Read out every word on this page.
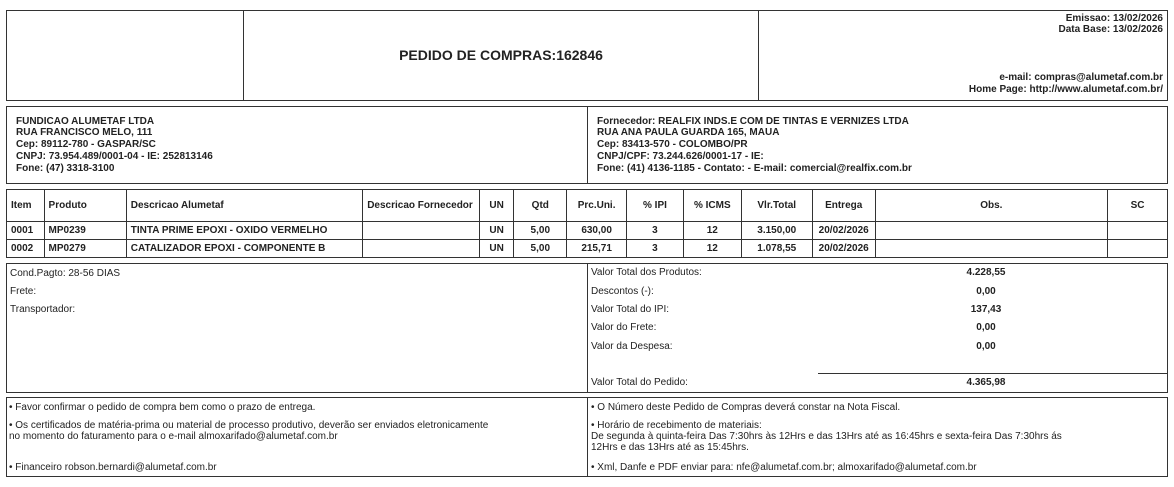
PEDIDO DE COMPRAS:162846
Emissao: 13/02/2026
Data Base: 13/02/2026
e-mail: compras@alumetaf.com.br
Home Page: http://www.alumetaf.com.br/
FUNDICAO ALUMETAF LTDA
RUA FRANCISCO MELO, 111
Cep: 89112-780 - GASPAR/SC
CNPJ: 73.954.489/0001-04 - IE: 252813146
Fone: (47) 3318-3100
Fornecedor: REALFIX INDS.E COM DE TINTAS E VERNIZES LTDA
RUA ANA PAULA GUARDA 165, MAUA
Cep: 83413-570 - COLOMBO/PR
CNPJ/CPF: 73.244.626/0001-17 - IE:
Fone: (41) 4136-1185 - Contato: - E-mail: comercial@realfix.com.br
Item	Produto	Descricao Alumetaf	Descricao Fornecedor	UN	Qtd	Prc.Uni.	% IPI	% ICMS	Vlr.Total	Entrega	Obs.	SC
0001	MP0239	TINTA PRIME EPOXI - OXIDO VERMELHO		UN	5,00	630,00	3	12	3.150,00	20/02/2026		
0002	MP0279	CATALIZADOR EPOXI - COMPONENTE B		UN	5,00	215,71	3	12	1.078,55	20/02/2026		
Cond.Pagto: 28-56 DIAS
Frete:
Transportador:
Valor Total dos Produtos:	4.228,55
Descontos (-):	0,00
Valor Total do IPI:	137,43
Valor do Frete:	0,00
Valor da Despesa:	0,00
Valor Total do Pedido:	4.365,98
• Favor confirmar o pedido de compra bem como o prazo de entrega.
• Os certificados de matéria-prima ou material de processo produtivo, deverão ser enviados eletronicamente
no momento do faturamento para o e-mail almoxarifado@alumetaf.com.br
• Financeiro robson.bernardi@alumetaf.com.br
• O Número deste Pedido de Compras deverá constar na Nota Fiscal.
• Horário de recebimento de materiais:
De segunda à quinta-feira Das 7:30hrs às 12Hrs e das 13Hrs até as 16:45hrs e sexta-feira Das 7:30hrs ás
12Hrs e das 13Hrs até as 15:45hrs.
• Xml, Danfe e PDF enviar para: nfe@alumetaf.com.br; almoxarifado@alumetaf.com.br
